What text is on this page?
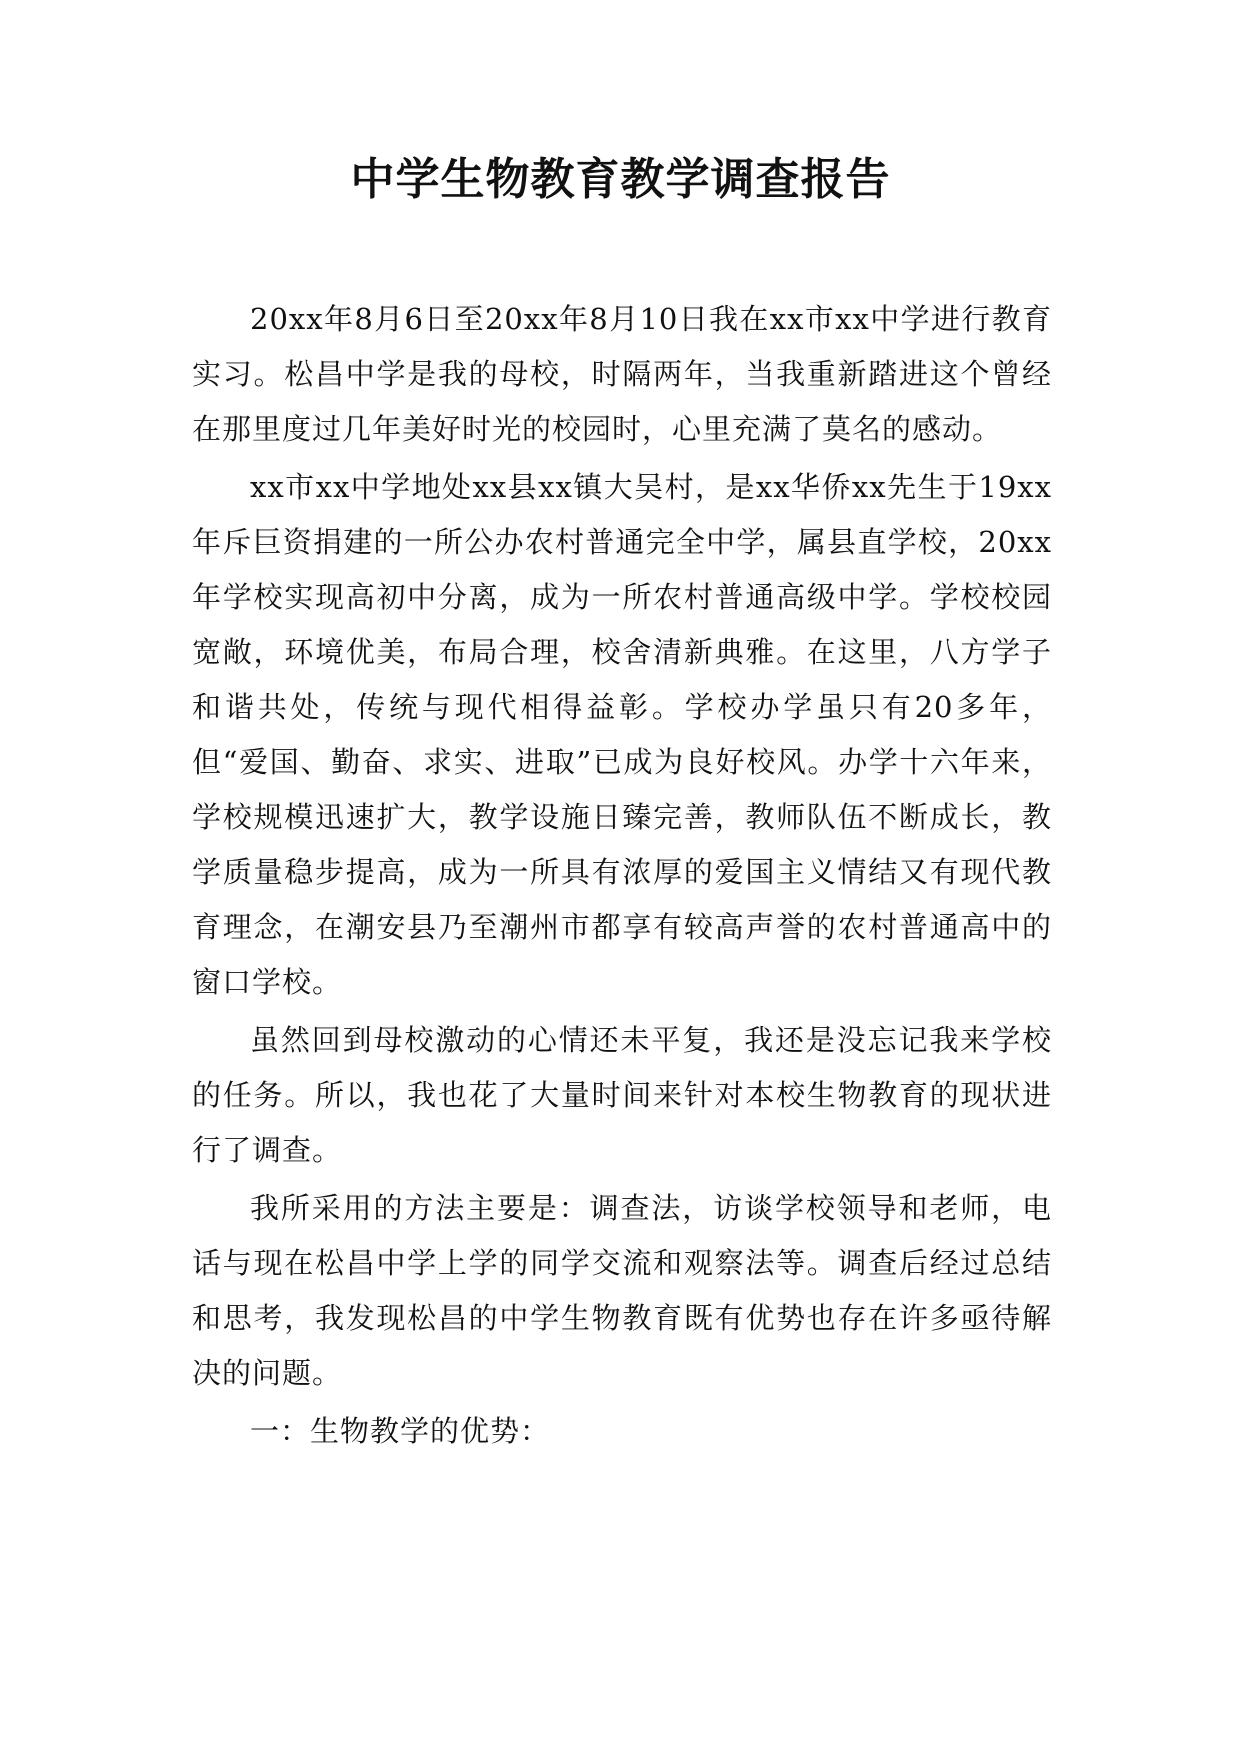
中学生物教育教学调查报告

20xx年8月6日至20xx年8月10日我在xx市xx中学进行教育实习。松昌中学是我的母校，时隔两年，当我重新踏进这个曾经在那里度过几年美好时光的校园时，心里充满了莫名的感动。

xx市xx中学地处xx县xx镇大吴村，是xx华侨xx先生于19xx年斥巨资捐建的一所公办农村普通完全中学，属县直学校，20xx年学校实现高初中分离，成为一所农村普通高级中学。学校校园宽敞，环境优美，布局合理，校舍清新典雅。在这里，八方学子和谐共处，传统与现代相得益彰。学校办学虽只有20多年，但“爱国、勤奋、求实、进取”已成为良好校风。办学十六年来，学校规模迅速扩大，教学设施日臻完善，教师队伍不断成长，教学质量稳步提高，成为一所具有浓厚的爱国主义情结又有现代教育理念，在潮安县乃至潮州市都享有较高声誉的农村普通高中的窗口学校。

虽然回到母校激动的心情还未平复，我还是没忘记我来学校的任务。所以，我也花了大量时间来针对本校生物教育的现状进行了调查。

我所采用的方法主要是：调查法，访谈学校领导和老师，电话与现在松昌中学上学的同学交流和观察法等。调查后经过总结和思考，我发现松昌的中学生物教育既有优势也存在许多亟待解决的问题。

一：生物教学的优势：
